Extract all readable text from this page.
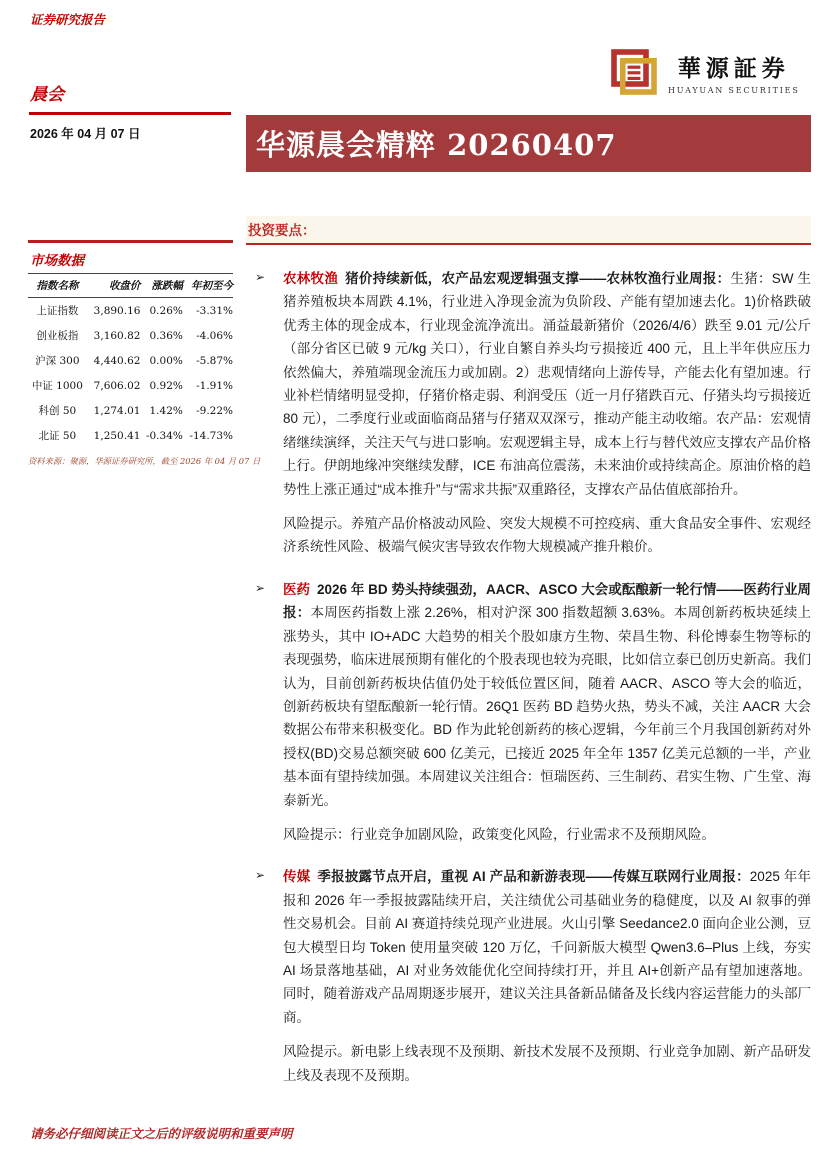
证券研究报告
華源証券
HUAYUAN SECURITIES
晨会
2026 年 04 月 07 日
市场数据
指数名称	收盘价	涨跌幅	年初至今
上证指数	3,890.16	0.26%	-3.31%
创业板指	3,160.82	0.36%	-4.06%
沪深 300	4,440.62	0.00%	-5.87%
中证 1000	7,606.02	0.92%	-1.91%
科创 50	1,274.01	1.42%	-9.22%
北证 50	1,250.41	-0.34%	-14.73%
资料来源：聚源，华源证券研究所，截至 2026 年 04 月 07 日
华源晨会精粹 20260407
投资要点：
➢ 农林牧渔 猪价持续新低，农产品宏观逻辑强支撑——农林牧渔行业周报：生猪：SW 生猪养殖板块本周跌 4.1%，行业进入净现金流为负阶段、产能有望加速去化。1)价格跌破优秀主体的现金成本，行业现金流净流出。涌益最新猪价（2026/4/6）跌至 9.01 元/公斤（部分省区已破 9 元/kg 关口），行业自繁自养头均亏损接近 400 元，且上半年供应压力依然偏大，养殖端现金流压力或加剧。2）悲观情绪向上游传导，产能去化有望加速。行业补栏情绪明显受抑，仔猪价格走弱、利润受压（近一月仔猪跌百元、仔猪头均亏损接近 80 元），二季度行业或面临商品猪与仔猪双双深亏，推动产能主动收缩。农产品：宏观情绪继续演绎，关注天气与进口影响。宏观逻辑主导，成本上行与替代效应支撑农产品价格上行。伊朗地缘冲突继续发酵，ICE 布油高位震荡，未来油价或持续高企。原油价格的趋势性上涨正通过“成本推升”与“需求共振”双重路径，支撑农产品估值底部抬升。

风险提示。养殖产品价格波动风险、突发大规模不可控疫病、重大食品安全事件、宏观经济系统性风险、极端气候灾害导致农作物大规模减产推升粮价。

➢ 医药 2026 年 BD 势头持续强劲，AACR、ASCO 大会或酝酿新一轮行情——医药行业周报：本周医药指数上涨 2.26%，相对沪深 300 指数超额 3.63%。本周创新药板块延续上涨势头，其中 IO+ADC 大趋势的相关个股如康方生物、荣昌生物、科伦博泰生物等标的表现强势，临床进展预期有催化的个股表现也较为亮眼，比如信立泰已创历史新高。我们认为，目前创新药板块估值仍处于较低位置区间，随着 AACR、ASCO 等大会的临近，创新药板块有望酝酿新一轮行情。26Q1 医药 BD 趋势火热，势头不减，关注 AACR 大会数据公布带来积极变化。BD 作为此轮创新药的核心逻辑，今年前三个月我国创新药对外授权(BD)交易总额突破 600 亿美元，已接近 2025 年全年 1357 亿美元总额的一半，产业基本面有望持续加强。本周建议关注组合：恒瑞医药、三生制药、君实生物、广生堂、海泰新光。

风险提示：行业竞争加剧风险，政策变化风险，行业需求不及预期风险。

➢ 传媒 季报披露节点开启，重视 AI 产品和新游表现——传媒互联网行业周报：2025 年年报和 2026 年一季报披露陆续开启，关注绩优公司基础业务的稳健度，以及 AI 叙事的弹性交易机会。目前 AI 赛道持续兑现产业进展。火山引擎 Seedance2.0 面向企业公测，豆包大模型日均 Token 使用量突破 120 万亿，千问新版大模型 Qwen3.6–Plus 上线，夯实 AI 场景落地基础，AI 对业务效能优化空间持续打开，并且 AI+创新产品有望加速落地。同时，随着游戏产品周期逐步展开，建议关注具备新品储备及长线内容运营能力的头部厂商。

风险提示。新电影上线表现不及预期、新技术发展不及预期、行业竞争加剧、新产品研发上线及表现不及预期。

请务必仔细阅读正文之后的评级说明和重要声明
